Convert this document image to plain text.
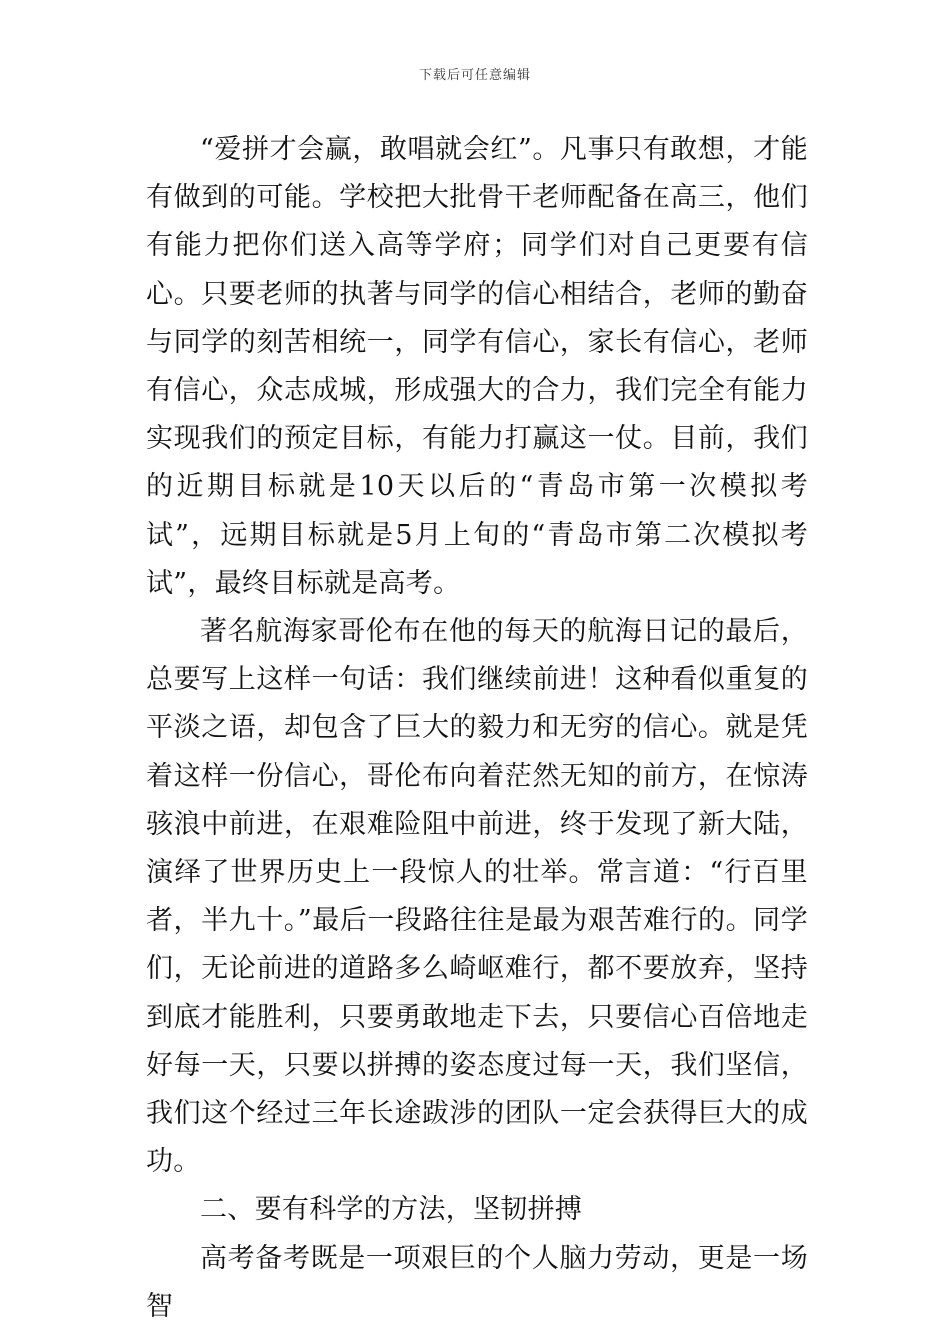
下载后可任意编辑

“爱拼才会赢，敢唱就会红”。凡事只有敢想，才能有做到的可能。学校把大批骨干老师配备在高三，他们有能力把你们送入高等学府；同学们对自己更要有信心。只要老师的执著与同学的信心相结合，老师的勤奋与同学的刻苦相统一，同学有信心，家长有信心，老师有信心，众志成城，形成强大的合力，我们完全有能力实现我们的预定目标，有能力打赢这一仗。目前，我们的近期目标就是10天以后的“青岛市第一次模拟考试”，远期目标就是5月上旬的“青岛市第二次模拟考试”，最终目标就是高考。

著名航海家哥伦布在他的每天的航海日记的最后，总要写上这样一句话：我们继续前进！这种看似重复的平淡之语，却包含了巨大的毅力和无穷的信心。就是凭着这样一份信心，哥伦布向着茫然无知的前方，在惊涛骇浪中前进，在艰难险阻中前进，终于发现了新大陆，演绎了世界历史上一段惊人的壮举。常言道：“行百里者，半九十。”最后一段路往往是最为艰苦难行的。同学们，无论前进的道路多么崎岖难行，都不要放弃，坚持到底才能胜利，只要勇敢地走下去，只要信心百倍地走好每一天，只要以拼搏的姿态度过每一天，我们坚信，我们这个经过三年长途跋涉的团队一定会获得巨大的成功。

二、要有科学的方法，坚韧拼搏

高考备考既是一项艰巨的个人脑力劳动，更是一场智
